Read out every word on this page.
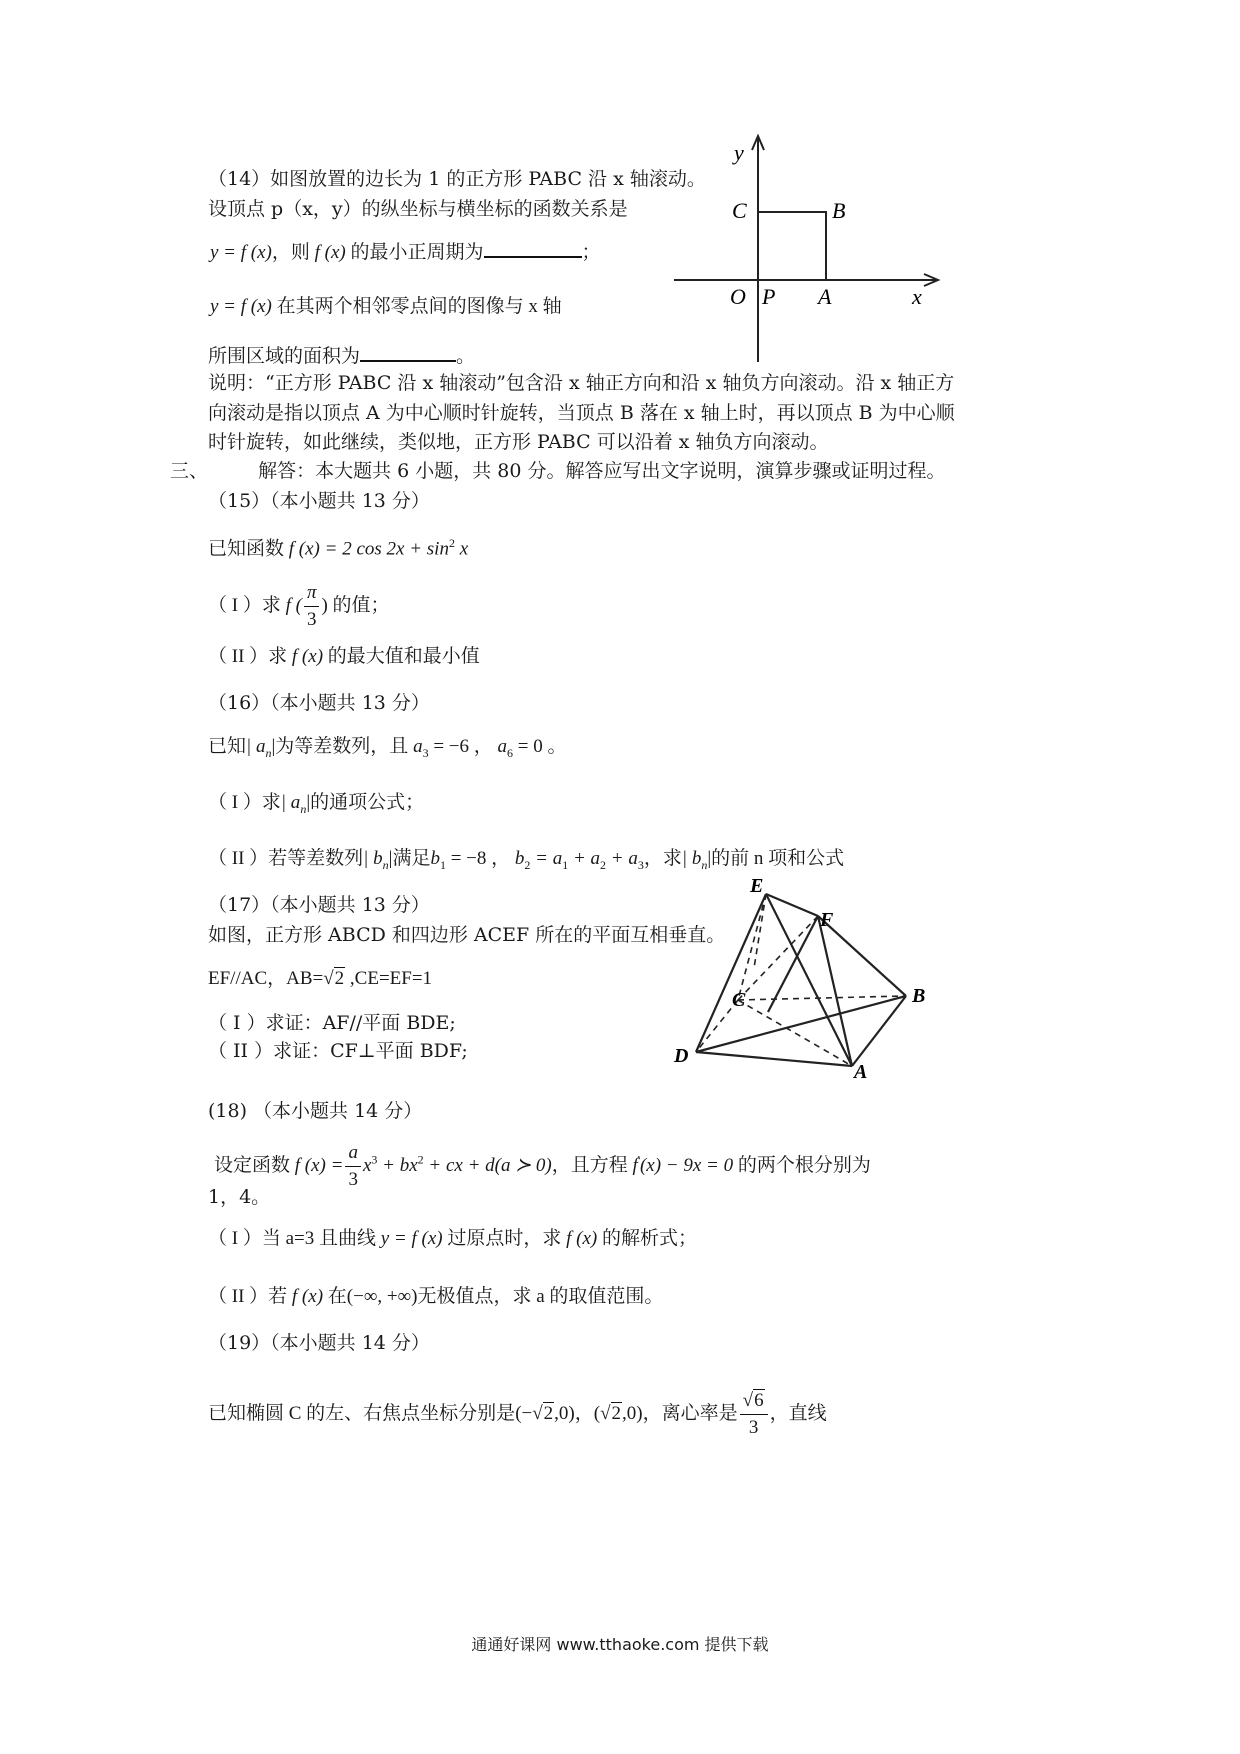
（14）如图放置的边长为 1 的正方形 PABC 沿 x 轴滚动。
设顶点 p（x，y）的纵坐标与横坐标的函数关系是
y = f (x)，则 f (x) 的最小正周期为	；
y = f (x) 在其两个相邻零点间的图像与 x 轴
所围区域的面积为	。
y
C	B
O P A	x
说明：“正方形 PABC 沿 x 轴滚动”包含沿 x 轴正方向和沿 x 轴负方向滚动。沿 x 轴正方
向滚动是指以顶点 A 为中心顺时针旋转，当顶点 B 落在 x 轴上时，再以顶点 B 为中心顺
时针旋转，如此继续，类似地，正方形 PABC 可以沿着 x 轴负方向滚动。
三、	解答：本大题共 6 小题，共 80 分。解答应写出文字说明，演算步骤或证明过程。
（15）（本小题共 13 分）
已知函数 f (x) = 2 $\cos 2x + \sin^2 x$
（ I ）求 f ( $\frac{\pi}{3}$ ) 的值；
（ II ）求 f (x) 的最大值和最小值
（16）（本小题共 13 分）
已知| $a_n|$为等差数列，且 $a_3 = -6$ ， $a_6 = 0$ 。
（ I ）求| $a_n|$的通项公式；
（ II ）若等差数列| $b_n|$满足$b_1 = -8$ ， $b_2 = a_1 + a_2 + a_3$，求| $b_n|$的前 n 项和公式
（17）（本小题共 13 分）
如图，正方形 ABCD 和四边形 ACEF 所在的平面互相垂直。
EF//AC，AB=√2 ,CE=EF=1
（ I ）求证：AF//平面 BDE;
（ II ）求证：CF⊥平面 BDF;
E
F
C	B
D
A
(18) （本小题共 14 分）
设定函数 f $(x) = \frac{a}{3} x^3 + bx^2$ + cx + d(a ≻ 0)，且方程 f'(x) − 9x = 0 的两个根分别为
1，4。
（ I ）当 a=3 且曲线 y = f (x) 过原点时，求 f (x) 的解析式；
（ II ）若 f (x) 在(−∞, +∞)无极值点，求 a 的取值范围。
（19）（本小题共 14 分）
已知椭圆 C 的左、右焦点坐标分别是(−√2,0)，(√2,0)，离心率是 $\frac{√6}{3}$ ，直线
通通好课网 www.tthaoke.com 提供下载
